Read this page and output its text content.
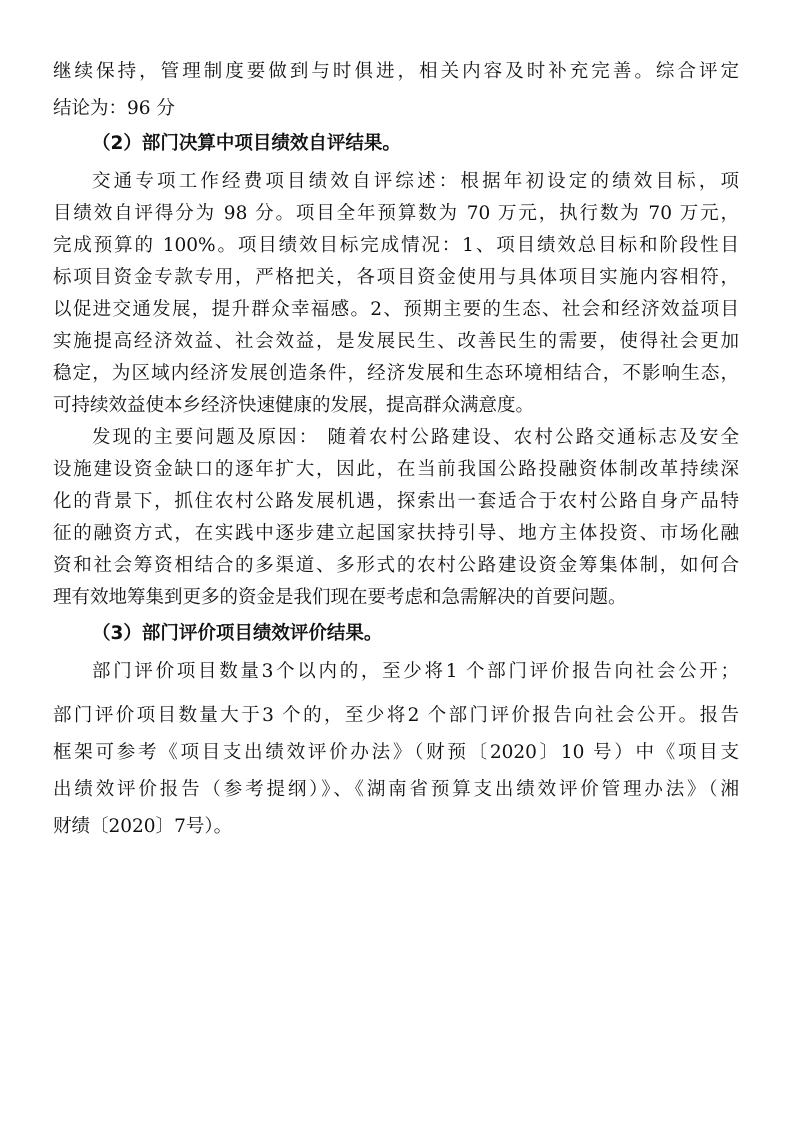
继续保持，管理制度要做到与时俱进，相关内容及时补充完善。综合评定
结论为：96 分
（2）部门决算中项目绩效自评结果。
交通专项工作经费项目绩效自评综述：根据年初设定的绩效目标，项
目绩效自评得分为 98 分。项目全年预算数为 70 万元，执行数为 70 万元，
完成预算的 100%。项目绩效目标完成情况：1、项目绩效总目标和阶段性目
标项目资金专款专用，严格把关，各项目资金使用与具体项目实施内容相符，
以促进交通发展，提升群众幸福感。2、预期主要的生态、社会和经济效益项目
实施提高经济效益、社会效益，是发展民生、改善民生的需要，使得社会更加
稳定，为区域内经济发展创造条件，经济发展和生态环境相结合，不影响生态，
可持续效益使本乡经济快速健康的发展，提高群众满意度。
发现的主要问题及原因： 随着农村公路建设、农村公路交通标志及安全
设施建设资金缺口的逐年扩大，因此，在当前我国公路投融资体制改革持续深
化的背景下，抓住农村公路发展机遇，探索出一套适合于农村公路自身产品特
征的融资方式，在实践中逐步建立起国家扶持引导、地方主体投资、市场化融
资和社会筹资相结合的多渠道、多形式的农村公路建设资金筹集体制，如何合
理有效地筹集到更多的资金是我们现在要考虑和急需解决的首要问题。
（3）部门评价项目绩效评价结果。
部门评价项目数量3个以内的，至少将1 个部门评价报告向社会公开；
部门评价项目数量大于3 个的，至少将2 个部门评价报告向社会公开。报告
框架可参考《项目支出绩效评价办法》（财预〔2020〕10 号）中《项目支
出绩效评价报告（参考提纲）》、《湖南省预算支出绩效评价管理办法》（湘
财绩〔2020〕7号）。
